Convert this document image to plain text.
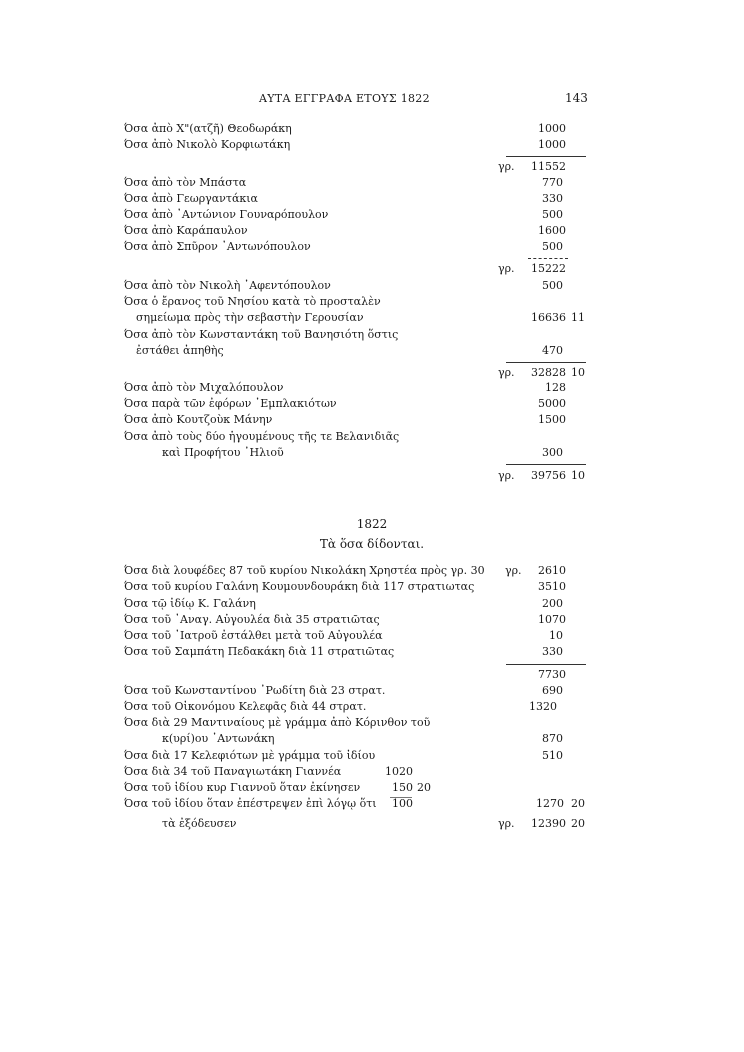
ΑΥΤΑ ΕΓΓΡΑΦΑ ΕΤΟΥΣ 1822	143
Όσα ἀπὸ Χ"(ατζῆ) Θεοδωράκη	1000
Όσα ἀπὸ Νικολὸ Κορφιωτάκη	1000
γρ. 11552
Όσα ἀπὸ τὸν Μπάστα	770
Όσα ἀπὸ Γεωργαντάκια	330
Όσα ἀπὸ ᾽Αντώνιον Γουναρόπουλον	500
Όσα ἀπὸ Καράπαυλον	1600
Όσα ἀπὸ Σπῦρον ᾽Αντωνόπουλον	500
γρ. 15222
Όσα ἀπὸ τὸν Νικολὴ ᾽Αφεντόπουλον	500
Όσα ὁ ἔρανος τοῦ Νησίου κατὰ τὸ προσταλὲν
σημείωμα πρὸς τὴν σεβαστὴν Γερουσίαν	16636 11
Όσα ἀπὸ τὸν Κωνσταντάκη τοῦ Βανησιότη ὅστις
ἐστάθει ἀπηθὴς	470
γρ. 32828 10
Όσα ἀπὸ τὸν Μιχαλόπουλον	128
Όσα παρὰ τῶν ἐφόρων ᾽Εμπλακιότων	5000
Όσα ἀπὸ Κουτζοὺκ Μάνην	1500
Όσα ἀπὸ τοὺς δύο ἡγουμένους τῆς τε Βελανιδιᾶς
καὶ Προφήτου ᾽Ηλιοῦ	300
γρ. 39756 10
1822
Τὰ ὅσα δίδονται.
Όσα διὰ λουφέδες 87 τοῦ κυρίου Νικολάκη Χρηστέα πρὸς γρ. 30 γρ. 2610
Όσα τοῦ κυρίου Γαλάνη Κουμουνδουράκη διὰ 117 στρατιωτας	3510
Όσα τῷ ἰδίῳ Κ. Γαλάνη	200
Όσα τοῦ ᾽Αναγ. Αὐγουλέα διὰ 35 στρατιῶτας	1070
Όσα τοῦ ᾽Ιατροῦ ἐστάλθει μετὰ τοῦ Αὐγουλέα	10
Όσα τοῦ Σαμπάτη Πεδακάκη διὰ 11 στρατιῶτας	330
7730
Όσα τοῦ Κωνσταντίνου ᾽Ρωδίτη διὰ 23 στρατ.	690
Όσα τοῦ Οἰκονόμου Κελεφᾶς διὰ 44 στρατ.	1320
Όσα διὰ 29 Μαντιναίους μὲ γράμμα ἀπὸ Κόρινθον τοῦ
κ(υρί)ου ᾽Αντωνάκη	870
Όσα διὰ 17 Κελεφιότων μὲ γράμμα τοῦ ἰδίου	510
Όσα διὰ 34 τοῦ Παναγιωτάκη Γιαννέα	1020
Όσα τοῦ ἰδίου κυρ Γιαννοῦ ὅταν ἐκίνησεν	150 20
Όσα τοῦ ἰδίου ὅταν ἐπέστρεψεν ἐπὶ λόγῳ ὅτι 100	1270 20
τὰ ἐξόδευσεν	γρ. 12390 20
